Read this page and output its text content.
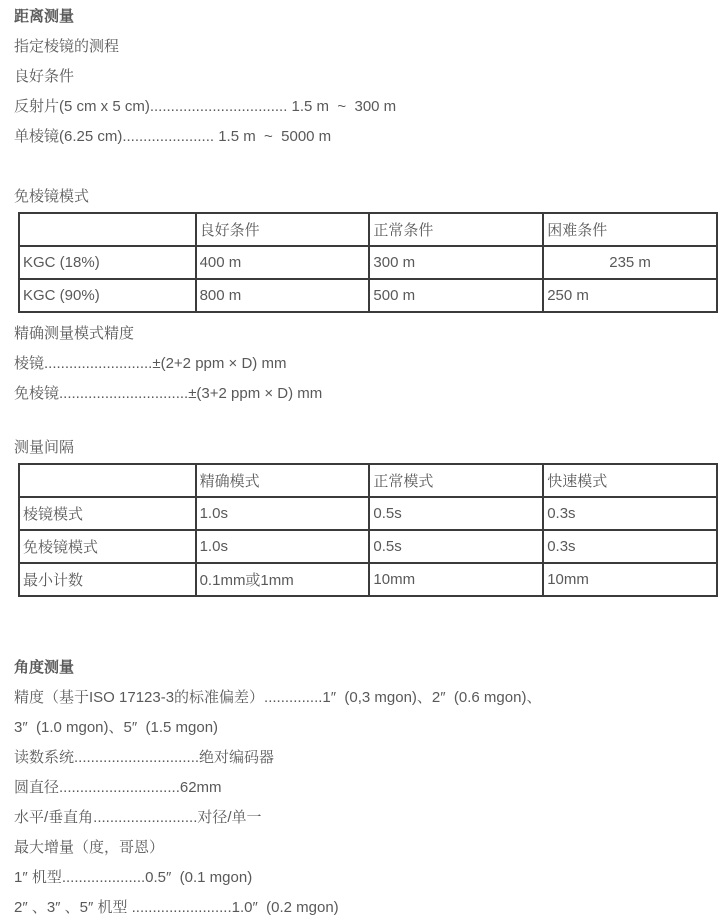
距离测量

指定棱镜的测程

良好条件

反射片(5 cm x 5 cm)................................. 1.5 m  ~  300 m

单棱镜(6.25 cm)...................... 1.5 m  ~  5000 m

免棱镜模式

	良好条件	正常条件	困难条件
KGC (18%)	400 m	300 m	235 m
KGC (90%)	800 m	500 m	250 m

精确测量模式精度

棱镜..........................±(2+2 ppm × D) mm

免棱镜...............................±(3+2 ppm × D) mm

测量间隔

	精确模式	正常模式	快速模式
棱镜模式	1.0s	0.5s	0.3s
免棱镜模式	1.0s	0.5s	0.3s
最小计数	0.1mm或1mm	10mm	10mm

角度测量

精度（基于ISO 17123-3的标准偏差）..............1″  (0,3 mgon)、2″  (0.6 mgon)、

3″  (1.0 mgon)、5″  (1.5 mgon)

读数系统..............................绝对编码器

圆直径.............................62mm

水平/垂直角.........................对径/单一

最大增量（度，哥恩）

1″ 机型....................0.5″  (0.1 mgon)

2″ 、3″ 、5″ 机型 ........................1.0″  (0.2 mgon)
